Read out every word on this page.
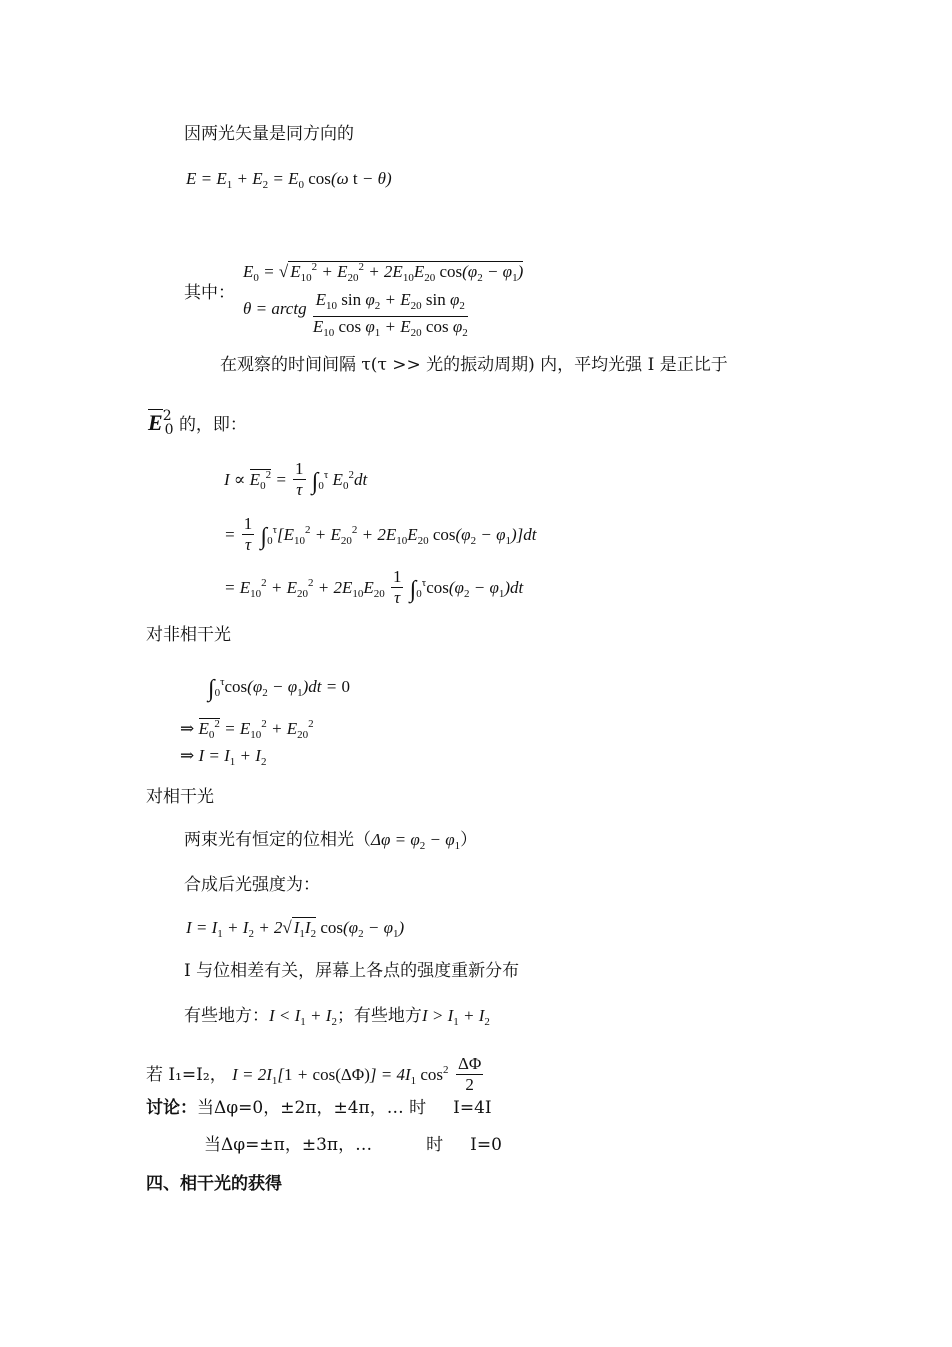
因两光矢量是同方向的
$E = E_1 + E_2 = E_0$ cos(ω t − θ)
其中：
$E_0$ = √ $E_{10}^2 + E_{20}^2 + 2E_{10}E_{20}$ $\cos(\varphi_2 - \varphi_1)$
θ = arctg $\frac{E_{10} \sin \varphi_2 + E_{20} \sin \varphi_2}{E_{10} \cos \varphi_1 + E_{20} \cos \varphi_2}$
在观察的时间间隔 τ(τ >> 光的振动周期) 内，平均光强 I 是正比于
$E^2_0$ 的，即：
$I \propto E_0^2 = \frac{1}{\tau} \int_0^\tau$ $E_0^2dt$
= $\frac{1}{\tau} \int_0^\tau[E_{10}^2 + E_{20}^2 + 2E_{10}E_{20}$ $\cos(\varphi_2 - \varphi_1)]dt$
= $E_{10}^2 + E_{20}^2 + 2E_{10}E_{20} \frac{1}{\tau} \int_0^\tau\cos(\varphi_2 - \varphi_1)dt$
对非相干光
$\int_0^\tau\cos(\varphi_2 - \varphi_1)dt = 0$
⇒ $E_0^2 = E_{10}^2 + E_{20}^2$
⇒ $I = I_1 + I_2$
对相干光
两束光有恒定的位相光$(\Delta\varphi = \varphi_2 - \varphi_1)$
合成后光强度为：
$I = I_1 + I_2 + 2√$ $I_1I_2$ $\cos(\varphi_2 - \varphi_1)$
I 与位相差有关，屏幕上各点的强度重新分布
有些地方：$I < I_1 + I_2$；有些地方$I > I_1 + I_2$
若 I₁=I₂， $I = 2I_1[1 + \cos(\Delta\Phi)] = 4I_1$ $\cos^2 \frac{\Delta\Phi}{2}$
讨论：当Δφ=0，±2π，±4π，… 时     I=4I
当Δφ=±π，±3π，…          时     I=0
四、相干光的获得
